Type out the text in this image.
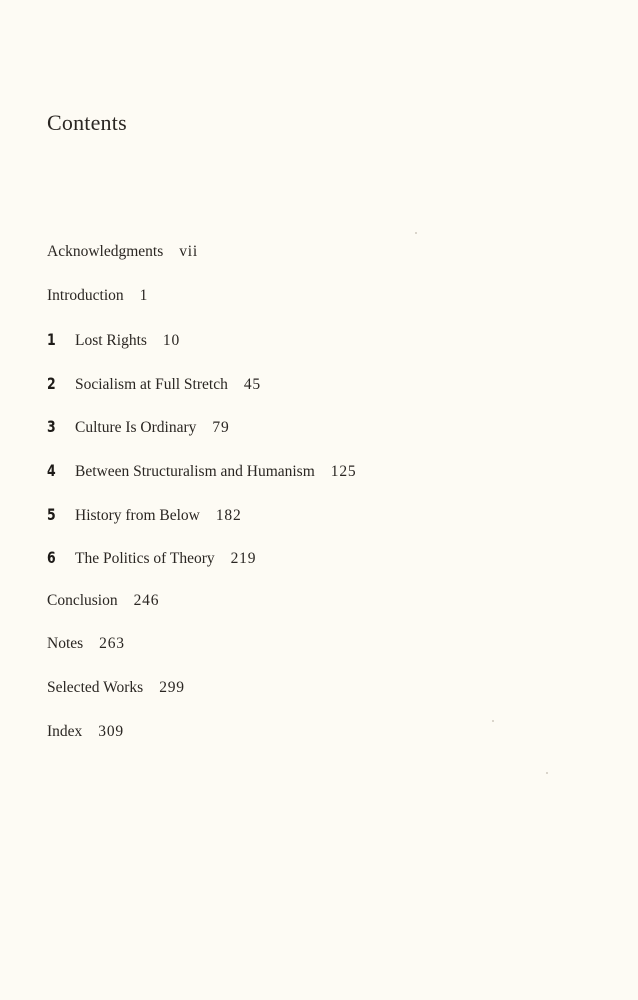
Contents
Acknowledgments vii
Introduction 1
1	Lost Rights 10
2	Socialism at Full Stretch 45
3	Culture Is Ordinary 79
4	Between Structuralism and Humanism 125
5	History from Below 182
6	The Politics of Theory 219
Conclusion 246
Notes 263
Selected Works 299
Index 309
